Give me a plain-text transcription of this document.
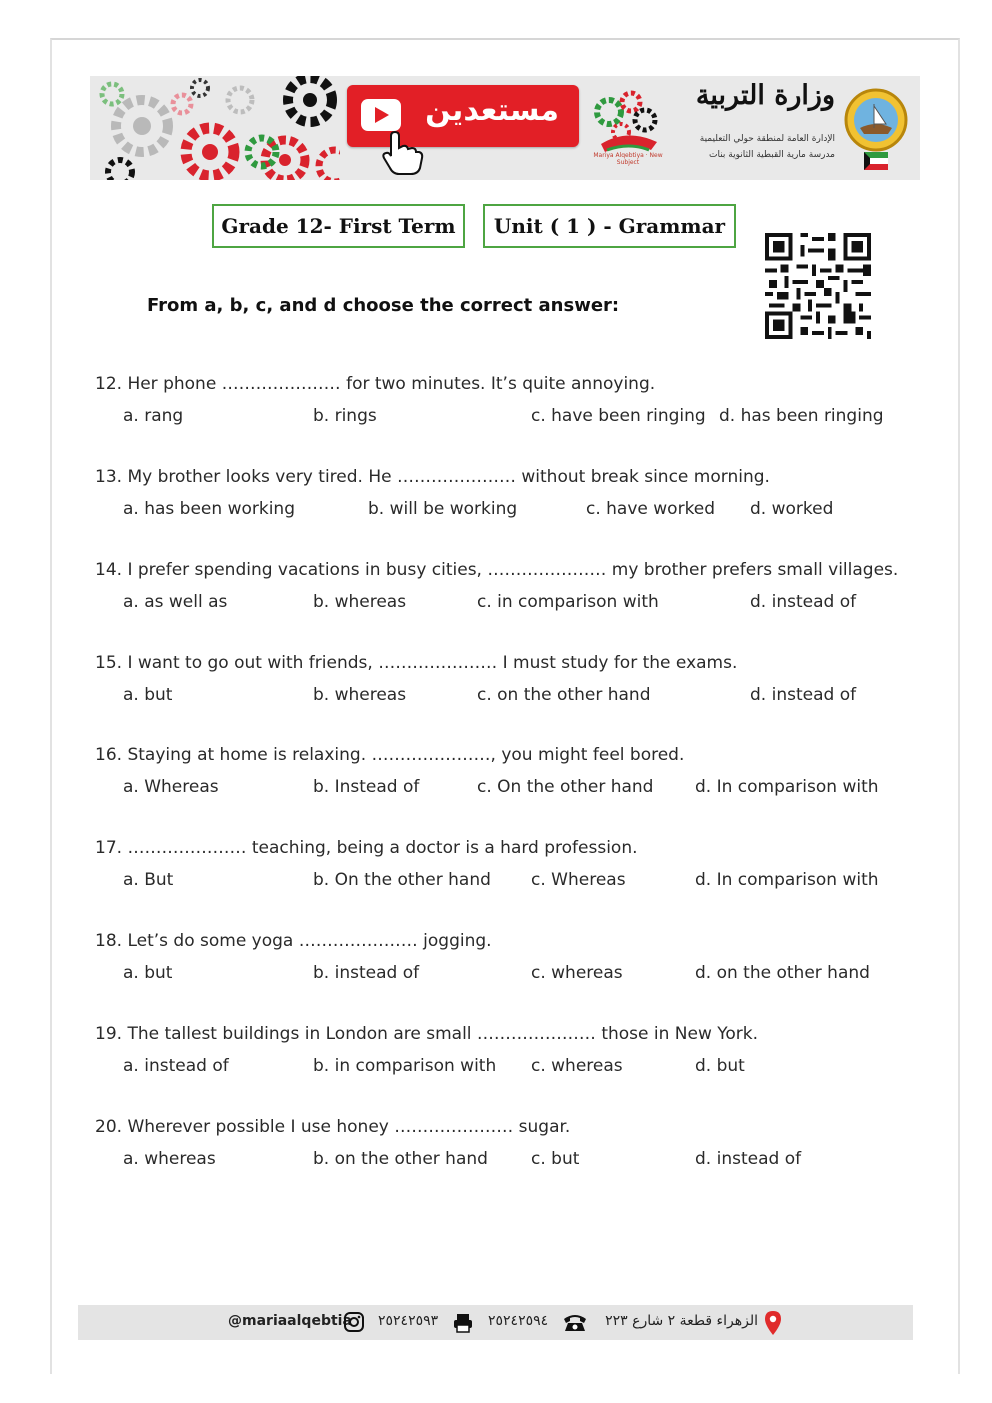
مستعدين
Mariya Alqebtiya · New Subject
وزارة التربية
الإدارة العامة لمنطقة حولي التعليمية
مدرسة مارية القبطية الثانوية بنات
Grade 12- First Term	Unit ( 1 ) - Grammar
From a, b, c, and d choose the correct answer:
12. Her phone ………………… for two minutes. It’s quite annoying.
a. rang	b. rings	c. have been ringing d. has been ringing
13. My brother looks very tired. He ………………… without break since morning.
a. has been working	b. will be working	c. have worked d. worked
14. I prefer spending vacations in busy cities, ………………… my brother prefers small villages.
a. as well as	b. whereas	c. in comparison with	d. instead of
15. I want to go out with friends, ………………… I must study for the exams.
a. but	b. whereas	c. on the other hand	d. instead of
16. Staying at home is relaxing. …………………, you might feel bored.
a. Whereas	b. Instead of	c. On the other hand d. In comparison with
17. ………………… teaching, being a doctor is a hard profession.
a. But	b. On the other hand c. Whereas	d. In comparison with
18. Let’s do some yoga ………………… jogging.
a. but	b. instead of	c. whereas	d. on the other hand
19. The tallest buildings in London are small ………………… those in New York.
a. instead of	b. in comparison with c. whereas	d. but
20. Wherever possible I use honey ………………… sugar.
a. whereas	b. on the other hand	c. but	d. instead of
@mariaalqebtia ٢٥٢٤٢٥٩٣	٢٥٢٤٢٥٩٤	الزهراء قطعة ٢ شارع ٢٢٣
